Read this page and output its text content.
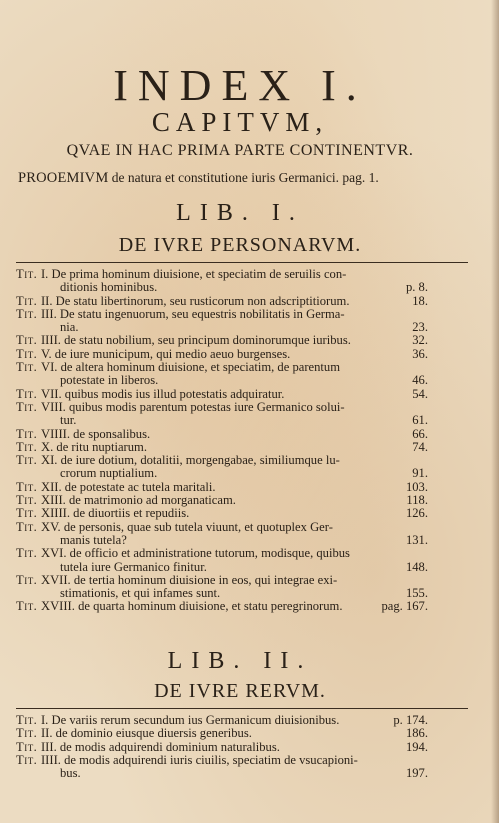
INDEX I.
CAPITVM,
QVAE IN HAC PRIMA PARTE CONTINENTVR.
PROOEMIVM de natura et constitutione iuris Germanici. pag. 1.
LIB. I.
DE IVRE PERSONARVM.
Tit. I. De prima hominum diuisione, et speciatim de seruilis con-
ditionis hominibus.	p. 8.
Tit. II. De statu libertinorum, seu rusticorum non adscriptitiorum.	18.
Tit. III. De statu ingenuorum, seu equestris nobilitatis in Germa-
nia.	23.
Tit. IIII. de statu nobilium, seu principum dominorumque iuribus.	32.
Tit. V. de iure municipum, qui medio aeuo burgenses.	36.
Tit. VI. de altera hominum diuisione, et speciatim, de parentum
potestate in liberos.	46.
Tit. VII. quibus modis ius illud potestatis adquiratur.	54.
Tit. VIII. quibus modis parentum potestas iure Germanico solui-
tur.	61.
Tit. VIIII. de sponsalibus.	66.
Tit. X. de ritu nuptiarum.	74.
Tit. XI. de iure dotium, dotalitii, morgengabae, similiumque lu-
crorum nuptialium.	91.
Tit. XII. de potestate ac tutela maritali.	103.
Tit. XIII. de matrimonio ad morganaticam.	118.
Tit. XIIII. de diuortiis et repudiis.	126.
Tit. XV. de personis, quae sub tutela viuunt, et quotuplex Ger-
manis tutela?	131.
Tit. XVI. de officio et administratione tutorum, modisque, quibus
tutela iure Germanico finitur.	148.
Tit. XVII. de tertia hominum diuisione in eos, qui integrae exi-
stimationis, et qui infames sunt.	155.
Tit. XVIII. de quarta hominum diuisione, et statu peregrinorum.	pag. 167.
LIB. II.
DE IVRE RERVM.
Tit. I. De variis rerum secundum ius Germanicum diuisionibus.	p. 174.
Tit. II. de dominio eiusque diuersis generibus.	186.
Tit. III. de modis adquirendi dominium naturalibus.	194.
Tit. IIII. de modis adquirendi iuris ciuilis, speciatim de vsucapioni-
bus.	197.
